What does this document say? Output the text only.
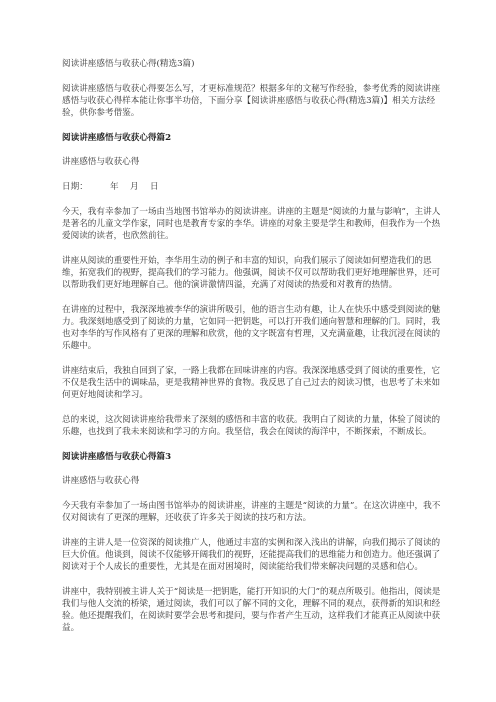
阅读讲座感悟与收获心得(精选3篇)

阅读讲座感悟与收获心得要怎么写，才更标准规范？根据多年的文秘写作经验，参考优秀的阅读讲座感悟与收获心得样本能让你事半功倍，下面分享【阅读讲座感悟与收获心得(精选3篇)】相关方法经验，供你参考借鉴。

阅读讲座感悟与收获心得篇2

讲座感悟与收获心得

日期：	年 月 日

今天，我有幸参加了一场由当地图书馆举办的阅读讲座。讲座的主题是“阅读的力量与影响”，主讲人是著名的儿童文学作家，同时也是教育专家的李华。讲座的对象主要是学生和教师，但我作为一个热爱阅读的读者，也欣然前往。

讲座从阅读的重要性开始，李华用生动的例子和丰富的知识，向我们展示了阅读如何塑造我们的思维，拓宽我们的视野，提高我们的学习能力。他强调，阅读不仅可以帮助我们更好地理解世界，还可以帮助我们更好地理解自己。他的演讲激情四溢，充满了对阅读的热爱和对教育的热情。

在讲座的过程中，我深深地被李华的演讲所吸引，他的语言生动有趣，让人在快乐中感受到阅读的魅力。我深刻地感受到了阅读的力量，它如同一把钥匙，可以打开我们通向智慧和理解的门。同时，我也对李华的写作风格有了更深的理解和欣赏，他的文字既富有哲理，又充满童趣，让我沉浸在阅读的乐趣中。

讲座结束后，我独自回到了家，一路上我都在回味讲座的内容。我深深地感受到了阅读的重要性，它不仅是我生活中的调味品，更是我精神世界的食物。我反思了自己过去的阅读习惯，也思考了未来如何更好地阅读和学习。

总的来说，这次阅读讲座给我带来了深刻的感悟和丰富的收获。我明白了阅读的力量，体验了阅读的乐趣，也找到了我未来阅读和学习的方向。我坚信，我会在阅读的海洋中，不断探索，不断成长。

阅读讲座感悟与收获心得篇3

讲座感悟与收获心得

今天我有幸参加了一场由图书馆举办的阅读讲座，讲座的主题是“阅读的力量”。在这次讲座中，我不仅对阅读有了更深的理解，还收获了许多关于阅读的技巧和方法。

讲座的主讲人是一位资深的阅读推广人，他通过丰富的实例和深入浅出的讲解，向我们揭示了阅读的巨大价值。他谈到，阅读不仅能够开阔我们的视野，还能提高我们的思维能力和创造力。他还强调了阅读对于个人成长的重要性，尤其是在面对困境时，阅读能给我们带来解决问题的灵感和信心。

讲座中，我特别被主讲人关于“阅读是一把钥匙，能打开知识的大门”的观点所吸引。他指出，阅读是我们与他人交流的桥梁，通过阅读，我们可以了解不同的文化，理解不同的观点，获得新的知识和经验。他还提醒我们，在阅读时要学会思考和提问，要与作者产生互动，这样我们才能真正从阅读中获益。
